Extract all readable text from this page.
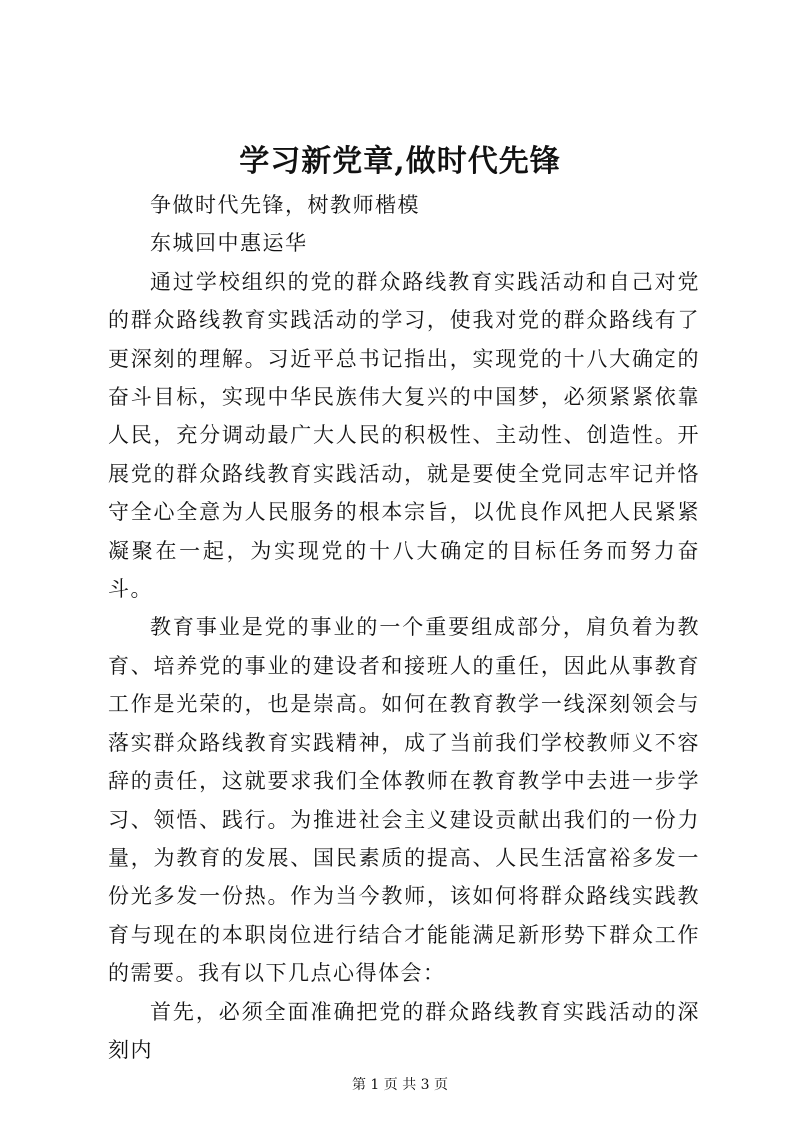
学习新党章,做时代先锋

争做时代先锋，树教师楷模

东城回中惠运华

通过学校组织的党的群众路线教育实践活动和自己对党的群众路线教育实践活动的学习，使我对党的群众路线有了更深刻的理解。习近平总书记指出，实现党的十八大确定的奋斗目标，实现中华民族伟大复兴的中国梦，必须紧紧依靠人民，充分调动最广大人民的积极性、主动性、创造性。开展党的群众路线教育实践活动，就是要使全党同志牢记并恪守全心全意为人民服务的根本宗旨，以优良作风把人民紧紧凝聚在一起，为实现党的十八大确定的目标任务而努力奋斗。

教育事业是党的事业的一个重要组成部分，肩负着为教育、培养党的事业的建设者和接班人的重任，因此从事教育工作是光荣的，也是崇高。如何在教育教学一线深刻领会与落实群众路线教育实践精神，成了当前我们学校教师义不容辞的责任，这就要求我们全体教师在教育教学中去进一步学习、领悟、践行。为推进社会主义建设贡献出我们的一份力量，为教育的发展、国民素质的提高、人民生活富裕多发一份光多发一份热。作为当今教师，该如何将群众路线实践教育与现在的本职岗位进行结合才能能满足新形势下群众工作的需要。我有以下几点心得体会：

首先，必须全面准确把党的群众路线教育实践活动的深刻内

第 1 页 共 3 页
